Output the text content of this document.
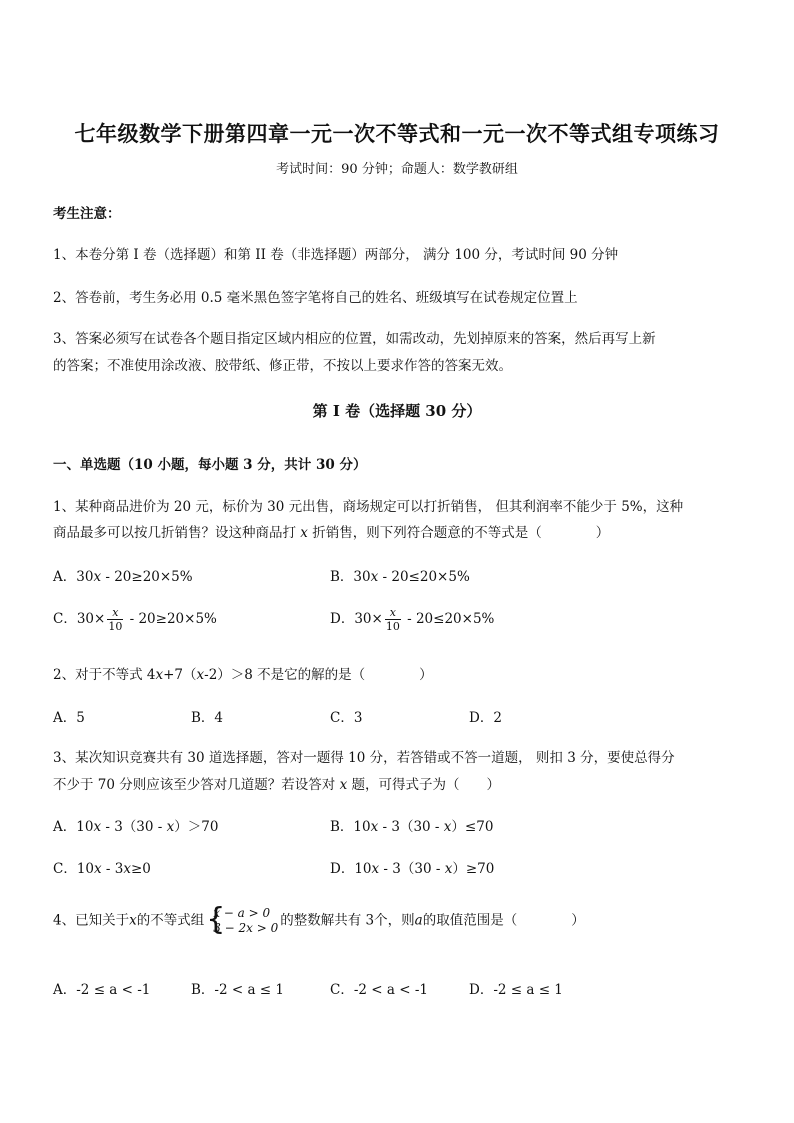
七年级数学下册第四章一元一次不等式和一元一次不等式组专项练习
考试时间：90 分钟；命题人：数学教研组
考生注意：
1、本卷分第 I 卷（选择题）和第 II 卷（非选择题）两部分， 满分 100 分，考试时间 90 分钟
2、答卷前，考生务必用 0.5 毫米黑色签字笔将自己的姓名、班级填写在试卷规定位置上
3、答案必须写在试卷各个题目指定区域内相应的位置，如需改动，先划掉原来的答案，然后再写上新
的答案；不准使用涂改液、胶带纸、修正带，不按以上要求作答的答案无效。
第 I 卷（选择题 30 分）
一、单选题（10 小题，每小题 3 分，共计 30 分）
1、某种商品进价为 20 元，标价为 30 元出售，商场规定可以打折销售， 但其利润率不能少于 5%，这种
商品最多可以按几折销售？设这种商品打 x 折销售，则下列符合题意的不等式是（　　　　）
A．30x - 20≥20×5%	B．30x - 20≤20×5%
C．$30\times \frac{x}{10} - 20\ge 20\times 5\%$	D．$30\times \frac{x}{10} - 20\le 20\times 5\%$
2、对于不等式 4x+7（x-2）＞8 不是它的解的是（　　　　）
A．5	B．4	C．3	D．2
3、某次知识竞赛共有 30 道选择题，答对一题得 10 分，若答错或不答一道题， 则扣 3 分，要使总得分
不少于 70 分则应该至少答对几道题？若设答对 x 题，可得式子为（　　）
A．10x - 3（30 - x）＞70	B．10x - 3（30 - x）≤70
C．10x - 3x≥0	D．10x - 3（30 - x）≥70
4、已知关于x的不等式组 {
x − a > 0
3 − 2x > 0 的整数解共有 3个，则a的取值范围是（　　　　）
A．-2 ≤ a < -1	B．-2 < a ≤ 1	C．-2 < a < -1	D．-2 ≤ a ≤ 1
